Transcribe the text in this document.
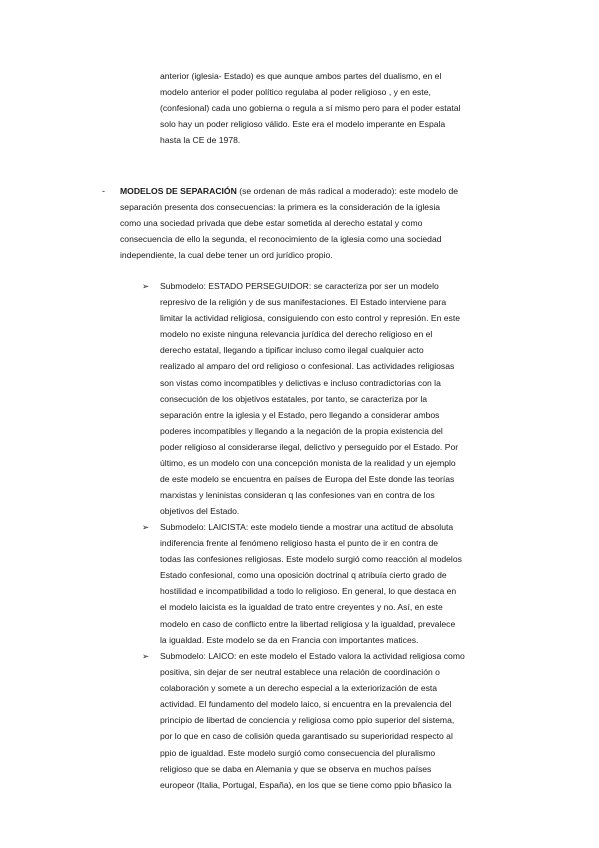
anterior (iglesia- Estado) es que aunque ambos partes del dualismo, en el
modelo anterior el poder político regulaba al poder religioso , y en este,
(confesional) cada uno gobierna o regula a sí mismo pero para el poder estatal
solo hay un poder religioso válido. Este era el modelo imperante en Espala
hasta la CE de 1978.
- MODELOS DE SEPARACIÓN (se ordenan de más radical a moderado): este modelo de
separación presenta dos consecuencias: la primera es la consideración de la iglesia
como una sociedad privada que debe estar sometida al derecho estatal y como
consecuencia de ello la segunda, el reconocimiento de la iglesia como una sociedad
independiente, la cual debe tener un ord jurídico propio.
➢ Submodelo: ESTADO PERSEGUIDOR: se caracteriza por ser un modelo
represivo de la religión y de sus manifestaciones. El Estado interviene para
limitar la actividad religiosa, consiguiendo con esto control y represión. En este
modelo no existe ninguna relevancia jurídica del derecho religioso en el
derecho estatal, llegando a tipificar incluso como ilegal cualquier acto
realizado al amparo del ord religioso o confesional. Las actividades religiosas
son vistas como incompatibles y delictivas e incluso contradictorias con la
consecución de los objetivos estatales, por tanto, se caracteriza por la
separación entre la iglesia y el Estado, pero llegando a considerar ambos
poderes incompatibles y llegando a la negación de la propia existencia del
poder religioso al considerarse ilegal, delictivo y perseguido por el Estado. Por
último, es un modelo con una concepción monista de la realidad y un ejemplo
de este modelo se encuentra en países de Europa del Este donde las teorías
marxistas y leninistas consideran q las confesiones van en contra de los
objetivos del Estado.
➢ Submodelo: LAICISTA: este modelo tiende a mostrar una actitud de absoluta
indiferencia frente al fenómeno religioso hasta el punto de ir en contra de
todas las confesiones religiosas. Este modelo surgió como reacción al modelos
Estado confesional, como una oposición doctrinal q atribuía cierto grado de
hostilidad e incompatibilidad a todo lo religioso. En general, lo que destaca en
el modelo laicista es la igualdad de trato entre creyentes y no. Así, en este
modelo en caso de conflicto entre la libertad religiosa y la igualdad, prevalece
la igualdad. Este modelo se da en Francia con importantes matices.
➢ Submodelo: LAICO: en este modelo el Estado valora la actividad religiosa como
positiva, sin dejar de ser neutral establece una relación de coordinación o
colaboración y somete a un derecho especial a la exteriorización de esta
actividad. El fundamento del modelo laico, si encuentra en la prevalencia del
principio de libertad de conciencia y religiosa como ppio superior del sistema,
por lo que en caso de colisión queda garantisado su superioridad respecto al
ppio de igualdad. Este modelo surgió como consecuencia del pluralismo
religioso que se daba en Alemania y que se observa en muchos países
europeor (Italia, Portugal, España), en los que se tiene como ppio bñasico la
